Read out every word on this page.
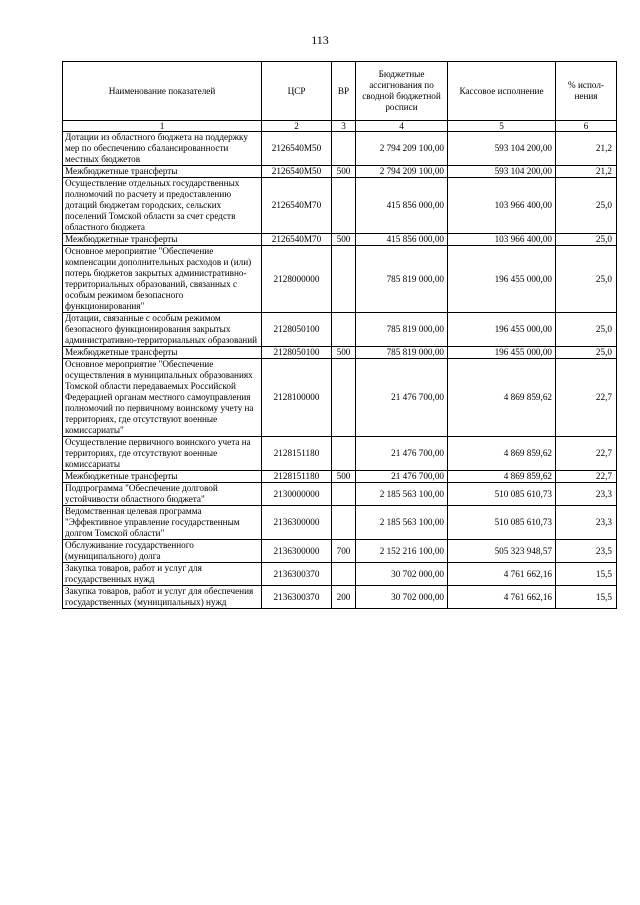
113
Наименование показателей	ЦСР	ВР	Бюджетные ассигнования по сводной бюджетной росписи	Кассовое исполнение	% испол-нения
1	2	3	4	5	6
Дотации из областного бюджета на поддержку мер по обеспечению сбалансированности местных бюджетов	2126540M50		2 794 209 100,00	593 104 200,00	21,2
Межбюджетные трансферты	2126540M50	500	2 794 209 100,00	593 104 200,00	21,2
Осуществление отдельных государственных полномочий по расчету и предоставлению дотаций бюджетам городских, сельских поселений Томской области за счет средств областного бюджета	2126540M70		415 856 000,00	103 966 400,00	25,0
Межбюджетные трансферты	2126540M70	500	415 856 000,00	103 966 400,00	25,0
Основное мероприятие "Обеспечение компенсации дополнительных расходов и (или) потерь бюджетов закрытых административно-территориальных образований, связанных с особым режимом безопасного функционирования"	2128000000		785 819 000,00	196 455 000,00	25,0
Дотации, связанные с особым режимом безопасного функционирования закрытых административно-территориальных образований	2128050100		785 819 000,00	196 455 000,00	25,0
Межбюджетные трансферты	2128050100	500	785 819 000,00	196 455 000,00	25,0
Основное мероприятие "Обеспечение осуществления в муниципальных образованиях Томской области передаваемых Российской Федерацией органам местного самоуправления полномочий по первичному воинскому учету на территориях, где отсутствуют военные комиссариаты"	2128100000		21 476 700,00	4 869 859,62	22,7
Осуществление первичного воинского учета на территориях, где отсутствуют военные комиссариаты	2128151180		21 476 700,00	4 869 859,62	22,7
Межбюджетные трансферты	2128151180	500	21 476 700,00	4 869 859,62	22,7
Подпрограмма "Обеспечение долговой устойчивости областного бюджета"	2130000000		2 185 563 100,00	510 085 610,73	23,3
Ведомственная целевая программа "Эффективное управление государственным долгом Томской области"	2136300000		2 185 563 100,00	510 085 610,73	23,3
Обслуживание государственного (муниципального) долга	2136300000	700	2 152 216 100,00	505 323 948,57	23,5
Закупка товаров, работ и услуг для государственных нужд	2136300370		30 702 000,00	4 761 662,16	15,5
Закупка товаров, работ и услуг для обеспечения государственных (муниципальных) нужд	2136300370	200	30 702 000,00	4 761 662,16	15,5
